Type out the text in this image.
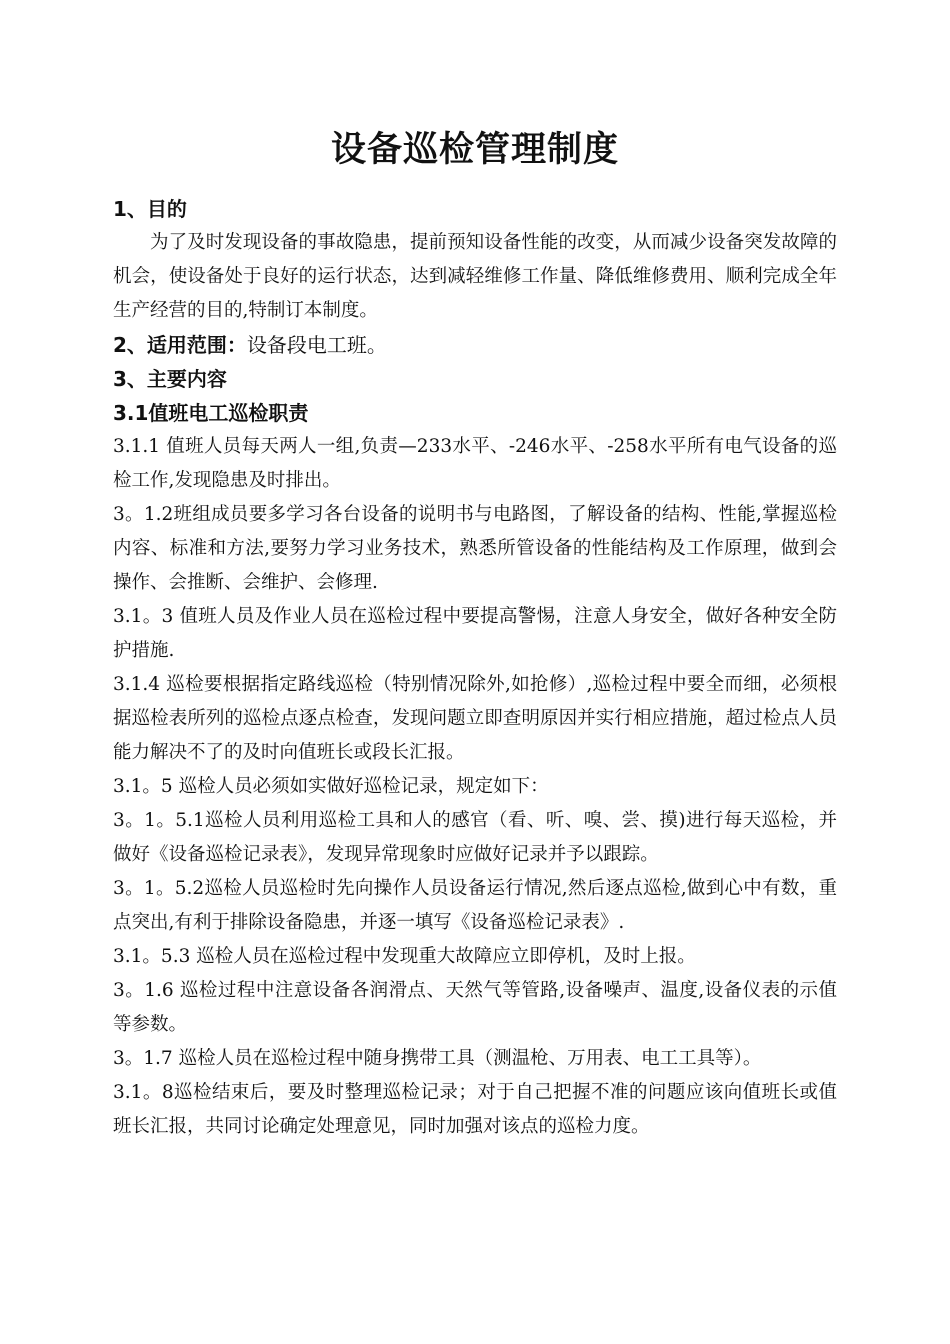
设备巡检管理制度

1、目的

为了及时发现设备的事故隐患，提前预知设备性能的改变，从而减少设备突发故障的机会，使设备处于良好的运行状态，达到减轻维修工作量、降低维修费用、顺利完成全年生产经营的目的,特制订本制度。

2、适用范围：设备段电工班。

3、主要内容

3.1值班电工巡检职责

3.1.1 值班人员每天两人一组,负责—233水平、-246水平、-258水平所有电气设备的巡检工作,发现隐患及时排出。

3。1.2班组成员要多学习各台设备的说明书与电路图，了解设备的结构、性能,掌握巡检内容、标准和方法,要努力学习业务技术，熟悉所管设备的性能结构及工作原理，做到会操作、会推断、会维护、会修理.

3.1。3 值班人员及作业人员在巡检过程中要提高警惕，注意人身安全，做好各种安全防护措施.

3.1.4 巡检要根据指定路线巡检（特别情况除外,如抢修）,巡检过程中要全而细，必须根据巡检表所列的巡检点逐点检查，发现问题立即查明原因并实行相应措施，超过检点人员能力解决不了的及时向值班长或段长汇报。

3.1。5 巡检人员必须如实做好巡检记录，规定如下：

3。1。5.1巡检人员利用巡检工具和人的感官（看、听、嗅、尝、摸)进行每天巡检，并做好《设备巡检记录表》，发现异常现象时应做好记录并予以跟踪。

3。1。5.2巡检人员巡检时先向操作人员设备运行情况,然后逐点巡检,做到心中有数，重点突出,有利于排除设备隐患，并逐一填写《设备巡检记录表》.

3.1。5.3 巡检人员在巡检过程中发现重大故障应立即停机，及时上报。

3。1.6 巡检过程中注意设备各润滑点、天然气等管路,设备噪声、温度,设备仪表的示值等参数。

3。1.7 巡检人员在巡检过程中随身携带工具（测温枪、万用表、电工工具等）。

3.1。8巡检结束后，要及时整理巡检记录；对于自己把握不准的问题应该向值班长或值班长汇报，共同讨论确定处理意见，同时加强对该点的巡检力度。
